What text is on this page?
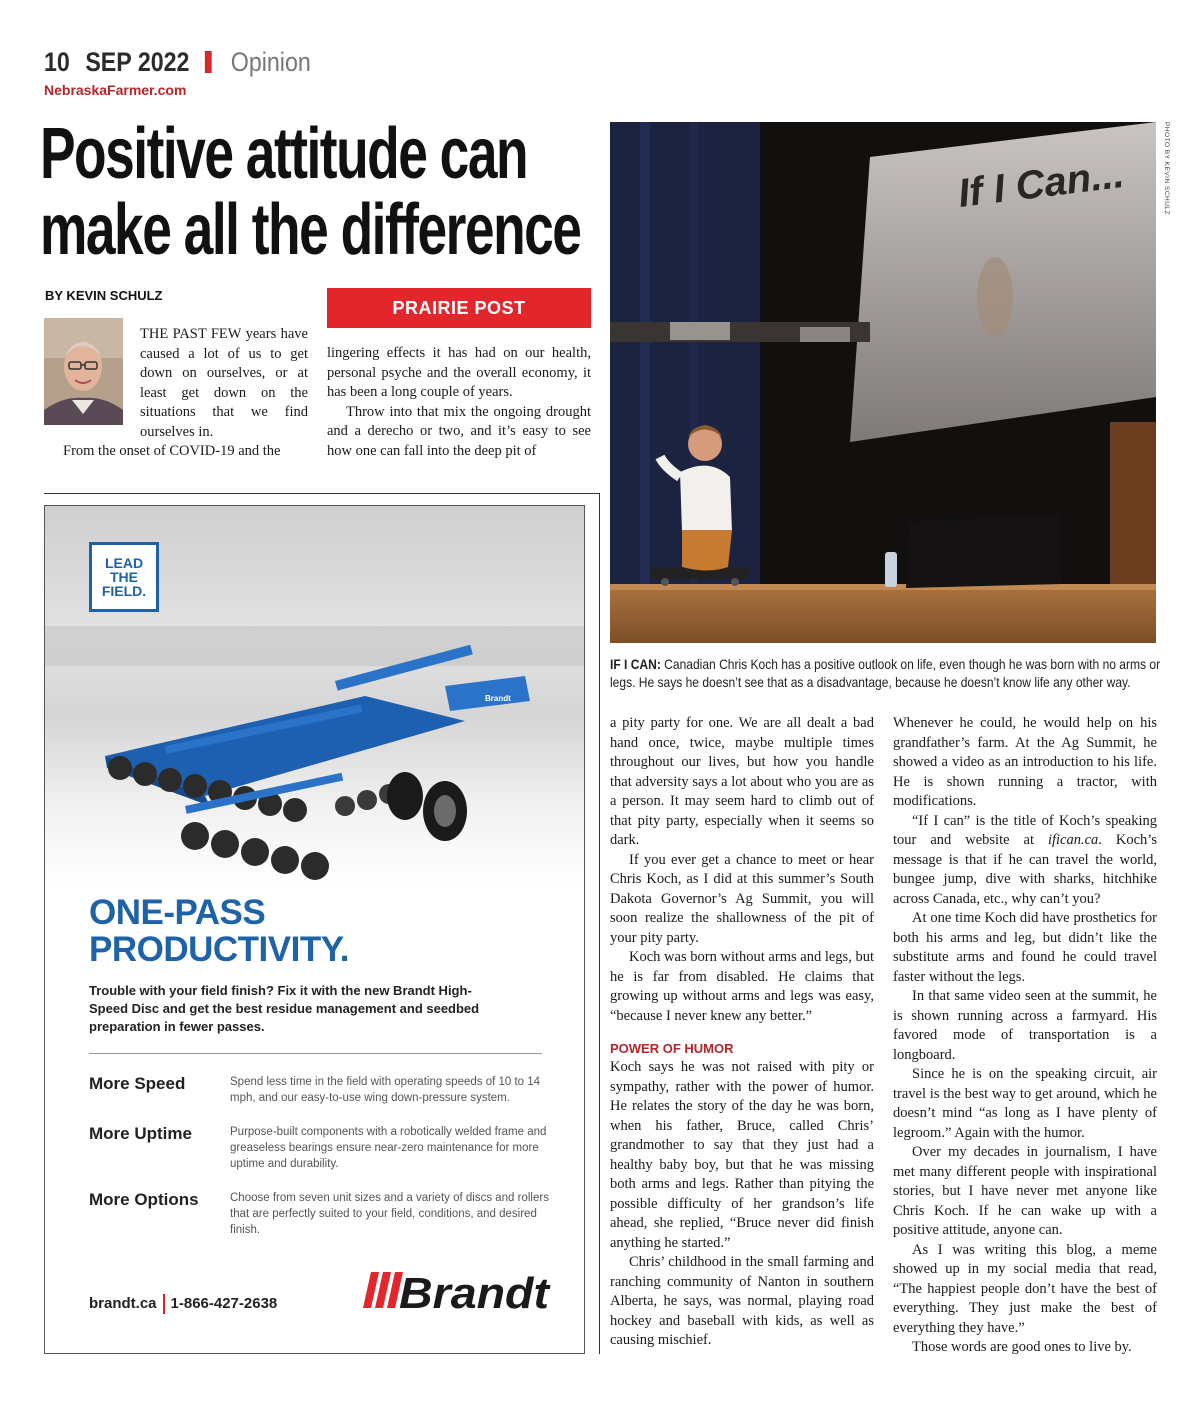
10 SEP 2022 Opinion
NebraskaFarmer.com
Positive attitude can
make all the difference
BY KEVIN SCHULZ
PRAIRIE POST

THE PAST FEW years have caused a lot of us to get down on ourselves, or at least get down on the situations that we find ourselves in.

From the onset of COVID-19 and the

lingering effects it has had on our health, personal psyche and the overall economy, it has been a long couple of years.

Throw into that mix the ongoing drought and a derecho or two, and it’s easy to see how one can fall into the deep pit of

If I Can...	PHOTO BY KEVIN SCHULZ
IF I CAN: Canadian Chris Koch has a positive outlook on life, even though he was born with no arms or legs. He says he doesn’t see that as a disadvantage, because he doesn’t know life any other way.

a pity party for one. We are all dealt a bad hand once, twice, maybe multiple times throughout our lives, but how you handle that adversity says a lot about who you are as a person. It may seem hard to climb out of that pity party, especially when it seems so dark.

If you ever get a chance to meet or hear Chris Koch, as I did at this summer’s South Dakota Governor’s Ag Summit, you will soon realize the shallowness of the pit of your pity party.

Koch was born without arms and legs, but he is far from disabled. He claims that growing up without arms and legs was easy, “because I never knew any better.”

POWER OF HUMOR

Koch says he was not raised with pity or sympathy, rather with the power of humor. He relates the story of the day he was born, when his father, Bruce, called Chris’ grandmother to say that they just had a healthy baby boy, but that he was missing both arms and legs. Rather than pitying the possible difficulty of her grandson’s life ahead, she replied, “Bruce never did finish anything he started.”

Chris’ childhood in the small farming and ranching community of Nanton in southern Alberta, he says, was normal, playing road hockey and baseball with kids, as well as causing mischief.

Whenever he could, he would help on his grandfather’s farm. At the Ag Summit, he showed a video as an introduction to his life. He is shown running a tractor, with modifications.

“If I can” is the title of Koch’s speaking tour and website at ifican.ca. Koch’s message is that if he can travel the world, bungee jump, dive with sharks, hitchhike across Canada, etc., why can’t you?

At one time Koch did have prosthetics for both his arms and leg, but didn’t like the substitute arms and found he could travel faster without the legs.

In that same video seen at the summit, he is shown running across a farmyard. His favored mode of transportation is a longboard.

Since he is on the speaking circuit, air travel is the best way to get around, which he doesn’t mind “as long as I have plenty of legroom.” Again with the humor.

Over my decades in journalism, I have met many different people with inspirational stories, but I have never met anyone like Chris Koch. If he can wake up with a positive attitude, anyone can.

As I was writing this blog, a meme showed up in my social media that read, “The happiest people don’t have the best of everything. They just make the best of everything they have.”

Those words are good ones to live by.

Brandt
LEAD
THE
FIELD.
ONE-PASS
PRODUCTIVITY.
Trouble with your field finish? Fix it with the new Brandt High-Speed Disc and get the best residue management and seedbed preparation in fewer passes.
More Speed	Spend less time in the field with operating speeds of 10 to 14 mph, and our easy-to-use wing down-pressure system.
More Uptime	Purpose-built components with a robotically welded frame and greaseless bearings ensure near-zero maintenance for more uptime and durability.
More Options	Choose from seven unit sizes and a variety of discs and rollers that are perfectly suited to your field, conditions, and desired finish.
brandt.ca 1-866-427-2638	Brandt
